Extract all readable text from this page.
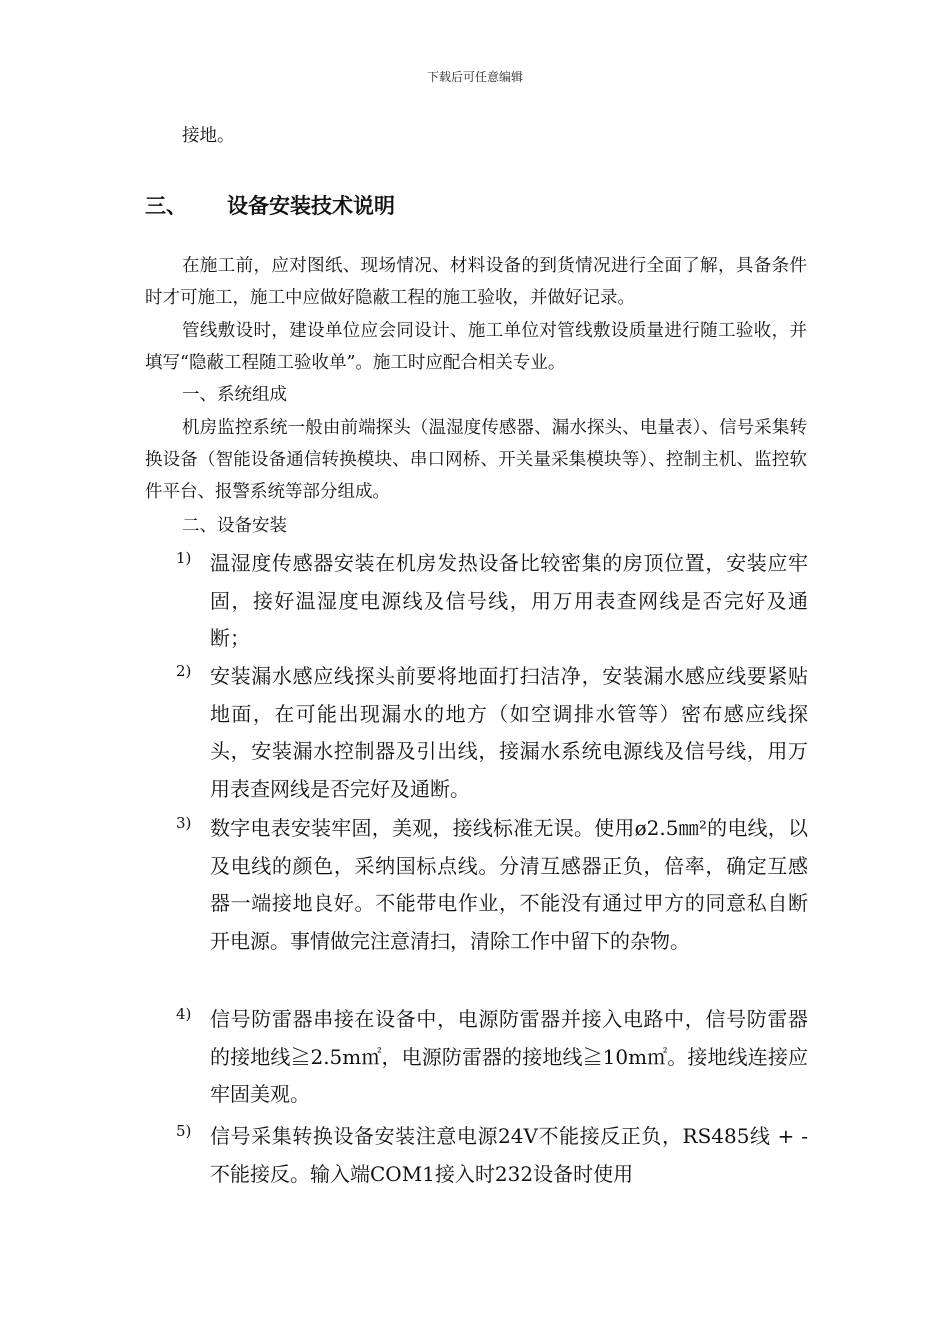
下载后可任意编辑
接地。
三、 设备安装技术说明
在施工前，应对图纸、现场情况、材料设备的到货情况进行全面了解，具备条件时才可施工，施工中应做好隐蔽工程的施工验收，并做好记录。
管线敷设时，建设单位应会同设计、施工单位对管线敷设质量进行随工验收，并填写“隐蔽工程随工验收单”。施工时应配合相关专业。
一、系统组成
机房监控系统一般由前端探头（温湿度传感器、漏水探头、电量表）、信号采集转换设备（智能设备通信转换模块、串口网桥、开关量采集模块等）、控制主机、监控软件平台、报警系统等部分组成。
二、设备安装
1) 温湿度传感器安装在机房发热设备比较密集的房顶位置，安装应牢固，接好温湿度电源线及信号线，用万用表查网线是否完好及通断；
2) 安装漏水感应线探头前要将地面打扫洁净，安装漏水感应线要紧贴地面，在可能出现漏水的地方（如空调排水管等）密布感应线探头，安装漏水控制器及引出线，接漏水系统电源线及信号线，用万用表查网线是否完好及通断。
3) 数字电表安装牢固，美观，接线标准无误。使用ø2.5㎜²的电线，以及电线的颜色，采纳国标点线。分清互感器正负，倍率，确定互感器一端接地良好。不能带电作业，不能没有通过甲方的同意私自断开电源。事情做完注意清扫，清除工作中留下的杂物。
4) 信号防雷器串接在设备中，电源防雷器并接入电路中，信号防雷器的接地线≧2.5m㎡，电源防雷器的接地线≧10m㎡。接地线连接应牢固美观。
5) 信号采集转换设备安装注意电源24V不能接反正负，RS485线 + - 不能接反。输入端COM1接入时232设备时使用
